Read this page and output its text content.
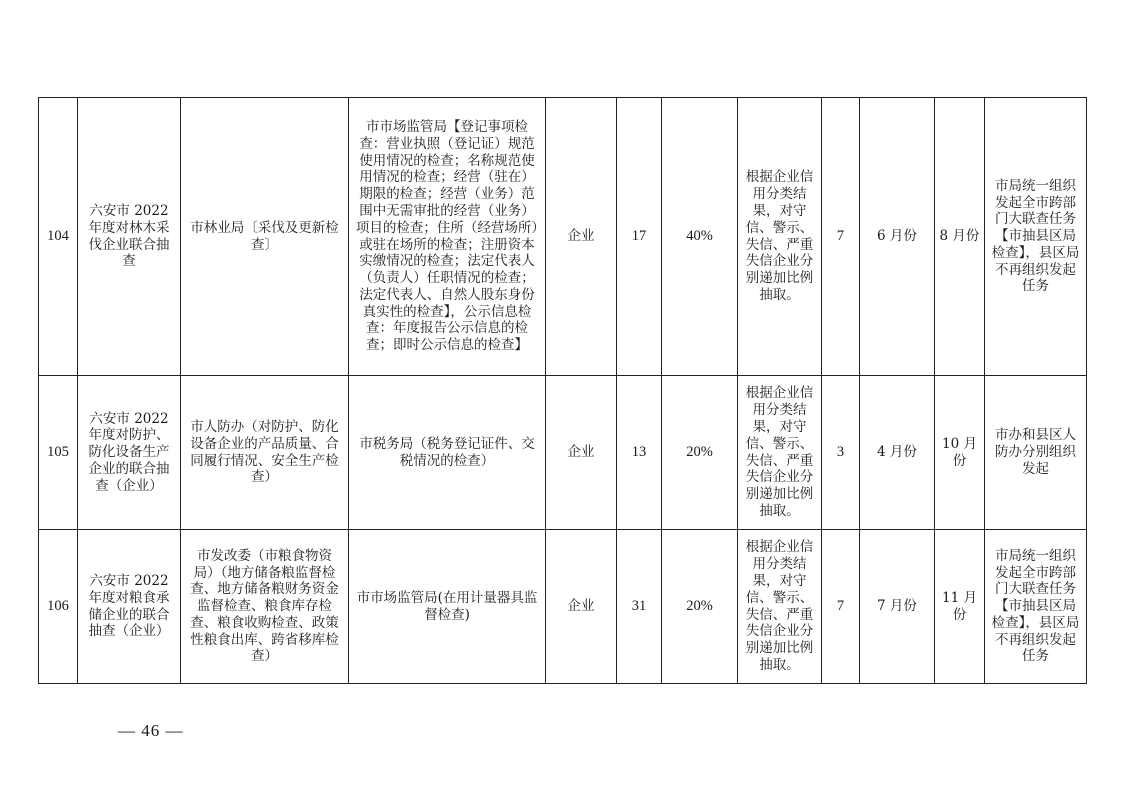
104	六安市 2022 年度对林木采伐企业联合抽查	市林业局〔采伐及更新检查〕	市市场监管局【登记事项检查：营业执照（登记证）规范使用情况的检查；名称规范使用情况的检查；经营（驻在）期限的检查；经营（业务）范围中无需审批的经营（业务）项目的检查；住所（经营场所）或驻在场所的检查；注册资本实缴情况的检查；法定代表人（负责人）任职情况的检查；法定代表人、自然人股东身份真实性的检查】，公示信息检查：年度报告公示信息的检查；即时公示信息的检查】	企业	17	40%	根据企业信用分类结果，对守信、警示、失信、严重失信企业分别递加比例抽取。	7	6 月份	8 月份	市局统一组织发起全市跨部门大联查任务【市抽县区局检查】，县区局不再组织发起任务
105	六安市 2022 年度对防护、防化设备生产企业的联合抽查（企业）	市人防办（对防护、防化设备企业的产品质量、合同履行情况、安全生产检查）	市税务局（税务登记证件、交税情况的检查）	企业	13	20%	根据企业信用分类结果，对守信、警示、失信、严重失信企业分别递加比例抽取。	3	4 月份	10 月份	市办和县区人防办分别组织发起
106	六安市 2022 年度对粮食承储企业的联合抽查（企业）	市发改委（市粮食物资局）（地方储备粮监督检查、地方储备粮财务资金监督检查、粮食库存检查、粮食收购检查、政策性粮食出库、跨省移库检查）	市市场监管局(在用计量器具监督检查)	企业	31	20%	根据企业信用分类结果，对守信、警示、失信、严重失信企业分别递加比例抽取。	7	7 月份	11 月份	市局统一组织发起全市跨部门大联查任务【市抽县区局检查】，县区局不再组织发起任务
— 46 —
